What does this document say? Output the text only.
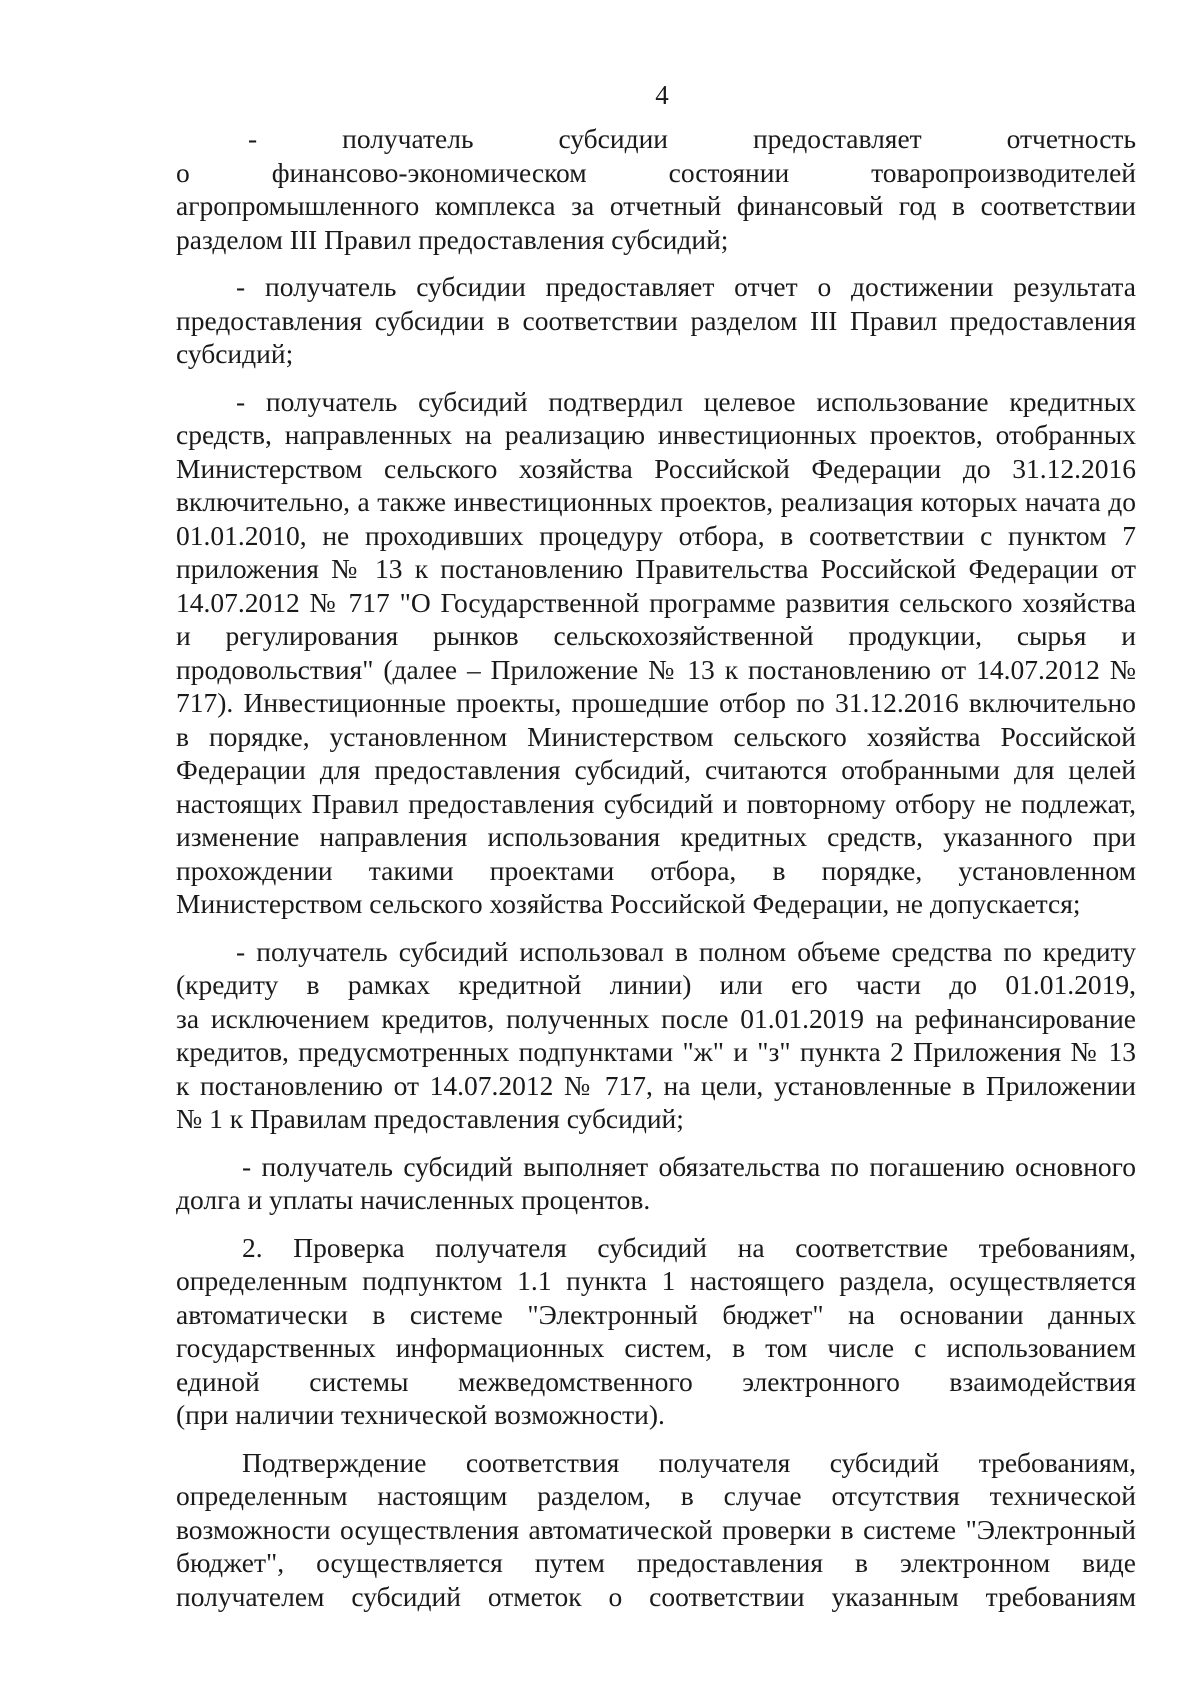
4
- получатель субсидии предоставляет отчетность
о финансово-экономическом состоянии товаропроизводителей
агропромышленного комплекса за отчетный финансовый год в соответствии
разделом III Правил предоставления субсидий;
- получатель субсидии предоставляет отчет о достижении результата
предоставления субсидии в соответствии разделом III Правил предоставления
субсидий;
- получатель субсидий подтвердил целевое использование кредитных
средств, направленных на реализацию инвестиционных проектов, отобранных
Министерством сельского хозяйства Российской Федерации до 31.12.2016
включительно, а также инвестиционных проектов, реализация которых начата до
01.01.2010, не проходивших процедуру отбора, в соответствии с пунктом 7
приложения № 13 к постановлению Правительства Российской Федерации от
14.07.2012 № 717 "О Государственной программе развития сельского хозяйства
и регулирования рынков сельскохозяйственной продукции, сырья и
продовольствия" (далее – Приложение № 13 к постановлению от 14.07.2012 №
717). Инвестиционные проекты, прошедшие отбор по 31.12.2016 включительно
в порядке, установленном Министерством сельского хозяйства Российской
Федерации для предоставления субсидий, считаются отобранными для целей
настоящих Правил предоставления субсидий и повторному отбору не подлежат,
изменение направления использования кредитных средств, указанного при
прохождении такими проектами отбора, в порядке, установленном
Министерством сельского хозяйства Российской Федерации, не допускается;
- получатель субсидий использовал в полном объеме средства по кредиту
(кредиту в рамках кредитной линии) или его части до 01.01.2019,
за исключением кредитов, полученных после 01.01.2019 на рефинансирование
кредитов, предусмотренных подпунктами "ж" и "з" пункта 2 Приложения № 13
к постановлению от 14.07.2012 № 717, на цели, установленные в Приложении
№ 1 к Правилам предоставления субсидий;
- получатель субсидий выполняет обязательства по погашению основного
долга и уплаты начисленных процентов.
2. Проверка получателя субсидий на соответствие требованиям,
определенным подпунктом 1.1 пункта 1 настоящего раздела, осуществляется
автоматически в системе "Электронный бюджет" на основании данных
государственных информационных систем, в том числе с использованием
единой системы межведомственного электронного взаимодействия
(при наличии технической возможности).
Подтверждение соответствия получателя субсидий требованиям,
определенным настоящим разделом, в случае отсутствия технической
возможности осуществления автоматической проверки в системе "Электронный
бюджет", осуществляется путем предоставления в электронном виде
получателем субсидий отметок о соответствии указанным требованиям
